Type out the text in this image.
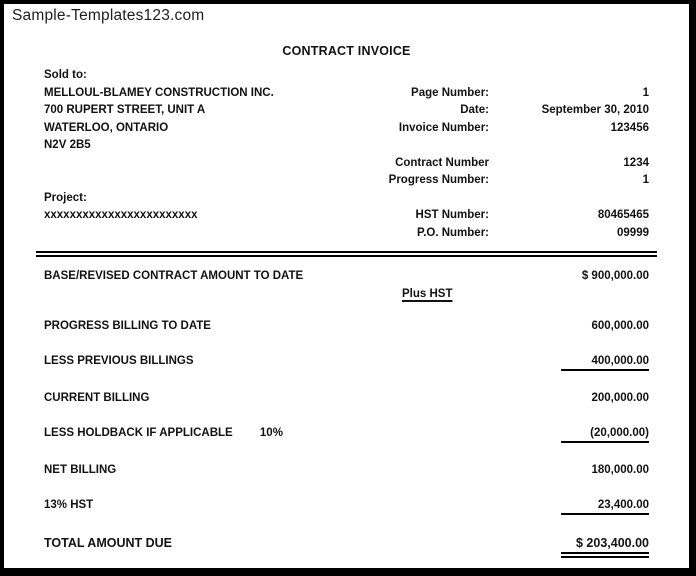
Sample-Templates123.com
CONTRACT INVOICE
Sold to:
MELLOUL-BLAMEY CONSTRUCTION INC.	Page Number:	1
700 RUPERT STREET, UNIT A	Date:	September 30, 2010
WATERLOO, ONTARIO	Invoice Number:	123456
N2V 2B5
Contract Number	1234
Progress Number:	1
Project:
xxxxxxxxxxxxxxxxxxxxxxxx	HST Number:	80465465
P.O. Number:	09999
BASE/REVISED CONTRACT AMOUNT TO DATE	$ 900,000.00
Plus HST
PROGRESS BILLING TO DATE	600,000.00
LESS PREVIOUS BILLINGS	400,000.00
CURRENT BILLING	200,000.00
LESS HOLDBACK IF APPLICABLE 10%	(20,000.00)
NET BILLING	180,000.00
13% HST	23,400.00
TOTAL AMOUNT DUE	$ 203,400.00
